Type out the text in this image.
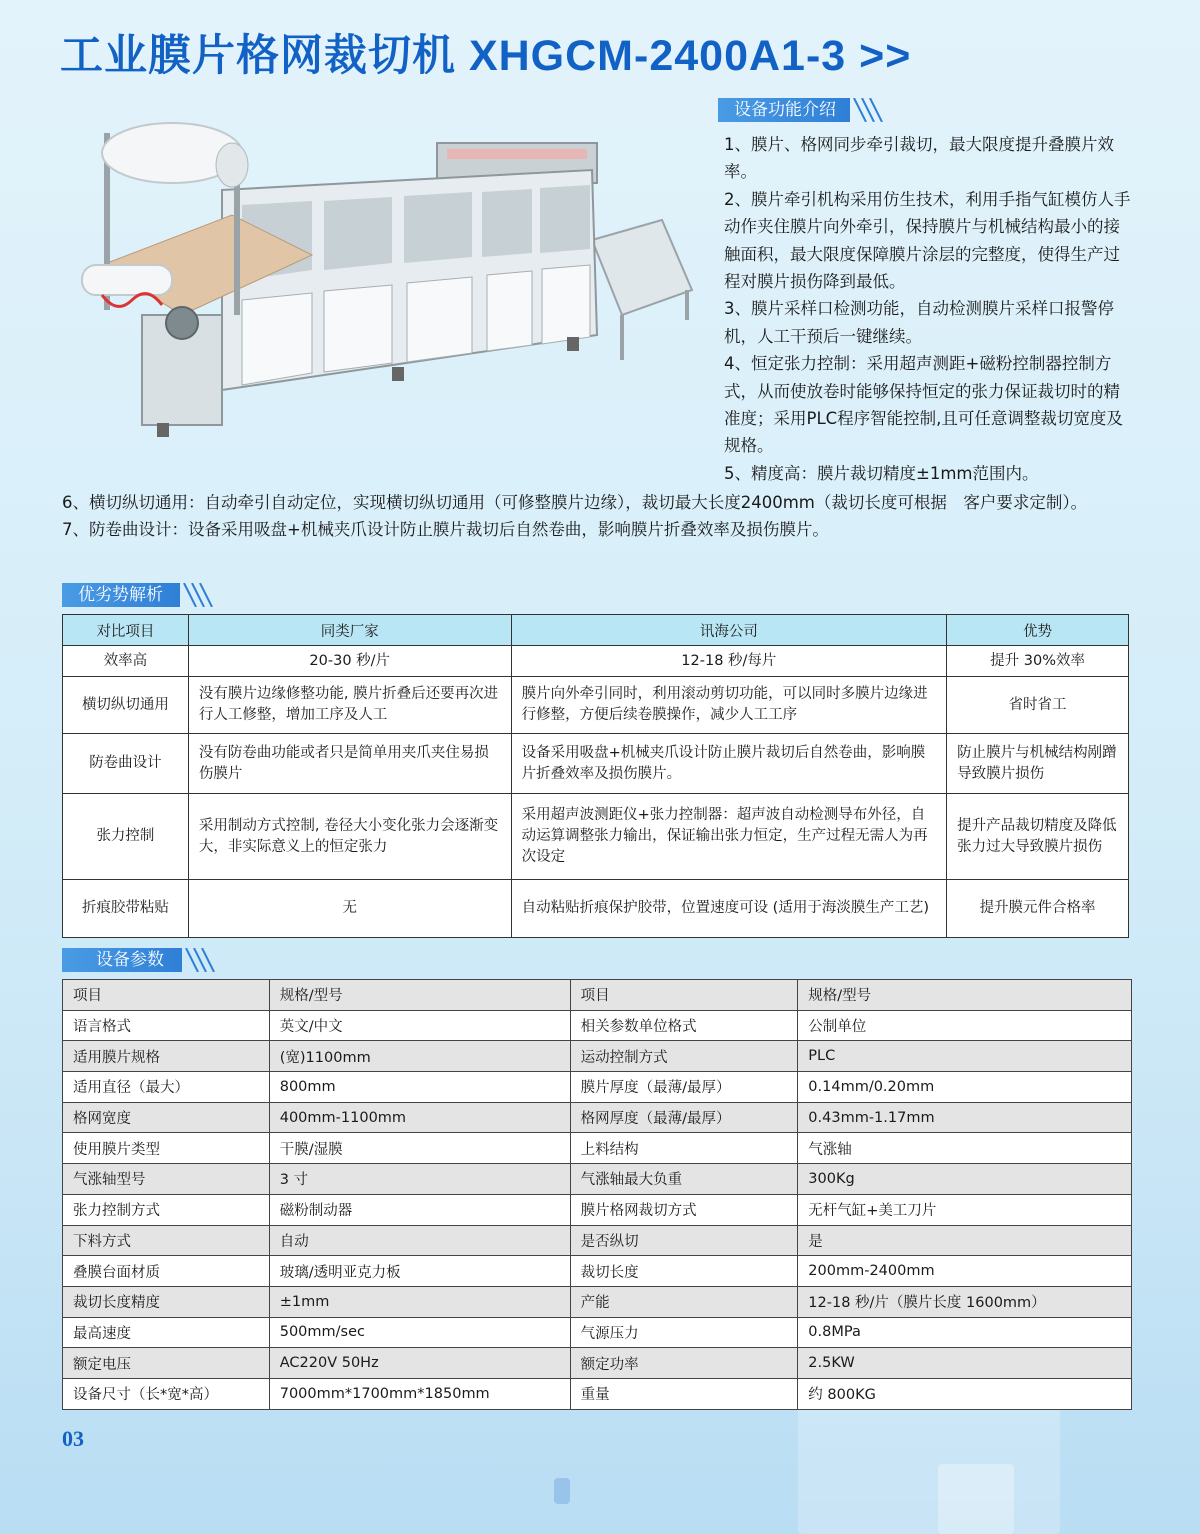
工业膜片格网裁切机 XHGCM-2400A1-3 >>
设备功能介绍

1、膜片、格网同步牵引裁切，最大限度提升叠膜片效率。

2、膜片牵引机构采用仿生技术，利用手指气缸模仿人手动作夹住膜片向外牵引，保持膜片与机械结构最小的接触面积，最大限度保障膜片涂层的完整度，使得生产过程对膜片损伤降到最低。

3、膜片采样口检测功能，自动检测膜片采样口报警停机，人工干预后一键继续。

4、恒定张力控制：采用超声测距+磁粉控制器控制方式，从而使放卷时能够保持恒定的张力保证裁切时的精准度；采用PLC程序智能控制,且可任意调整裁切宽度及规格。

5、精度高：膜片裁切精度±1mm范围内。

6、横切纵切通用：自动牵引自动定位，实现横切纵切通用（可修整膜片边缘），裁切最大长度2400mm（裁切长度可根据　客户要求定制）。

7、防卷曲设计：设备采用吸盘+机械夹爪设计防止膜片裁切后自然卷曲，影响膜片折叠效率及损伤膜片。

优劣势解析
对比项目	同类厂家	讯海公司	优势
效率高	20-30 秒/片	12-18 秒/每片	提升 30%效率
横切纵切通用	没有膜片边缘修整功能, 膜片折叠后还要再次进行人工修整，增加工序及人工	膜片向外牵引同时，利用滚动剪切功能，可以同时多膜片边缘进行修整，方便后续卷膜操作，减少人工工序	省时省工
防卷曲设计	没有防卷曲功能或者只是简单用夹爪夹住易损伤膜片	设备采用吸盘+机械夹爪设计防止膜片裁切后自然卷曲，影响膜片折叠效率及损伤膜片。	防止膜片与机械结构剐蹭导致膜片损伤
张力控制	采用制动方式控制, 卷径大小变化张力会逐渐变大，非实际意义上的恒定张力	采用超声波测距仪+张力控制器：超声波自动检测导布外径，自动运算调整张力输出，保证输出张力恒定，生产过程无需人为再次设定	提升产品裁切精度及降低张力过大导致膜片损伤
折痕胶带粘贴	无	自动粘贴折痕保护胶带，位置速度可设 (适用于海淡膜生产工艺)	提升膜元件合格率
设备参数
项目	规格/型号	项目	规格/型号
语言格式	英文/中文	相关参数单位格式	公制单位
适用膜片规格	(宽)1100mm	运动控制方式	PLC
适用直径（最大）	800mm	膜片厚度（最薄/最厚）	0.14mm/0.20mm
格网宽度	400mm-1100mm	格网厚度（最薄/最厚）	0.43mm-1.17mm
使用膜片类型	干膜/湿膜	上料结构	气涨轴
气涨轴型号	3 寸	气涨轴最大负重	300Kg
张力控制方式	磁粉制动器	膜片格网裁切方式	无杆气缸+美工刀片
下料方式	自动	是否纵切	是
叠膜台面材质	玻璃/透明亚克力板	裁切长度	200mm-2400mm
裁切长度精度	±1mm	产能	12-18 秒/片（膜片长度 1600mm）
最高速度	500mm/sec	气源压力	0.8MPa
额定电压	AC220V 50Hz	额定功率	2.5KW
设备尺寸（长*宽*高）	7000mm*1700mm*1850mm	重量	约 800KG
03
